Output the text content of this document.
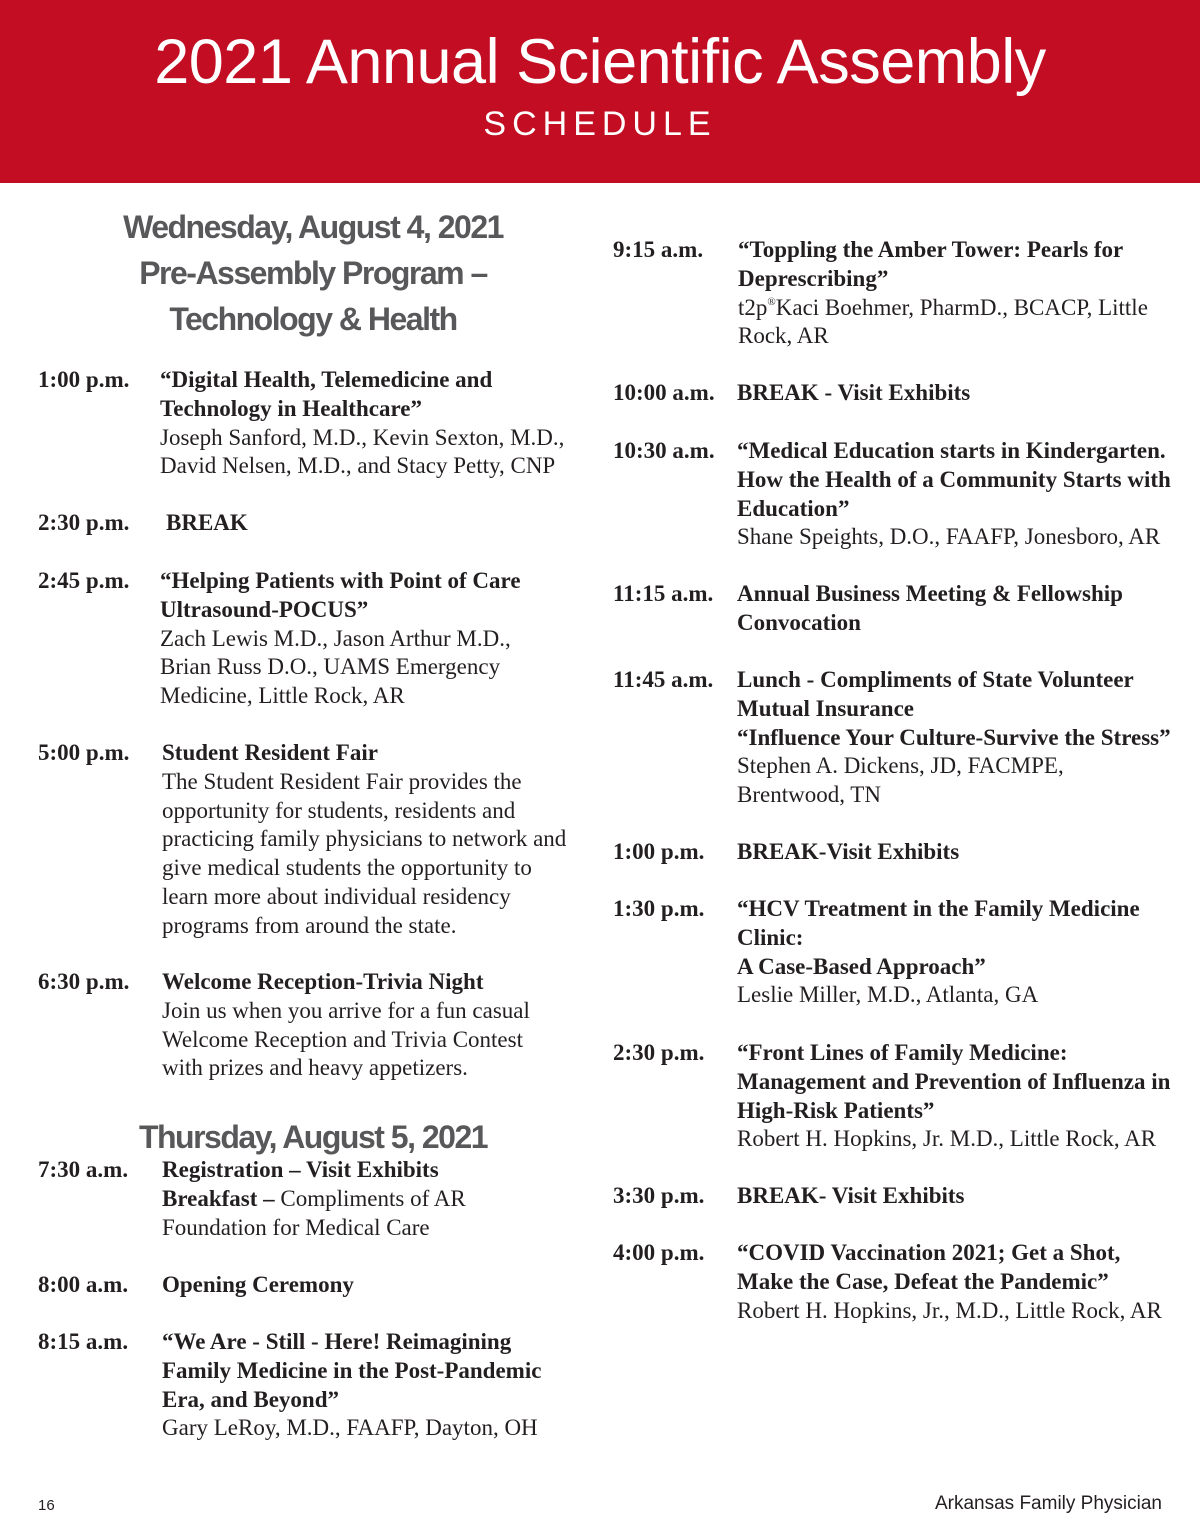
2021 Annual Scientific Assembly
SCHEDULE
Wednesday, August 4, 2021
Pre-Assembly Program –
Technology & Health
1:00 p.m. “Digital Health, Telemedicine and Technology in Healthcare”
Joseph Sanford, M.D., Kevin Sexton, M.D., David Nelsen, M.D., and Stacy Petty, CNP
2:30 p.m. BREAK
2:45 p.m. “Helping Patients with Point of Care Ultrasound-POCUS”
Zach Lewis M.D., Jason Arthur M.D., Brian Russ D.O., UAMS Emergency Medicine, Little Rock, AR
5:00 p.m. Student Resident Fair
The Student Resident Fair provides the opportunity for students, residents and practicing family physicians to network and give medical students the opportunity to learn more about individual residency programs from around the state.
6:30 p.m. Welcome Reception-Trivia Night
Join us when you arrive for a fun casual Welcome Reception and Trivia Contest with prizes and heavy appetizers.
Thursday, August 5, 2021
7:30 a.m. Registration – Visit Exhibits
Breakfast – Compliments of AR Foundation for Medical Care
8:00 a.m. Opening Ceremony
8:15 a.m. “We Are - Still - Here! Reimagining Family Medicine in the Post-Pandemic Era, and Beyond”
Gary LeRoy, M.D., FAAFP, Dayton, OH
9:15 a.m. “Toppling the Amber Tower: Pearls for Deprescribing”
t2p®Kaci Boehmer, PharmD., BCACP, Little Rock, AR
10:00 a.m. BREAK - Visit Exhibits
10:30 a.m. “Medical Education starts in Kindergarten. How the Health of a Community Starts with Education”
Shane Speights, D.O., FAAFP, Jonesboro, AR
11:15 a.m. Annual Business Meeting & Fellowship Convocation
11:45 a.m. Lunch - Compliments of State Volunteer Mutual Insurance
“Influence Your Culture-Survive the Stress”
Stephen A. Dickens, JD, FACMPE, Brentwood, TN
1:00 p.m. BREAK-Visit Exhibits
1:30 p.m. “HCV Treatment in the Family Medicine Clinic:
A Case-Based Approach”
Leslie Miller, M.D., Atlanta, GA
2:30 p.m. “Front Lines of Family Medicine: Management and Prevention of Influenza in High-Risk Patients”
Robert H. Hopkins, Jr. M.D., Little Rock, AR
3:30 p.m. BREAK- Visit Exhibits
4:00 p.m. “COVID Vaccination 2021; Get a Shot, Make the Case, Defeat the Pandemic”
Robert H. Hopkins, Jr., M.D., Little Rock, AR
16	Arkansas Family Physician
